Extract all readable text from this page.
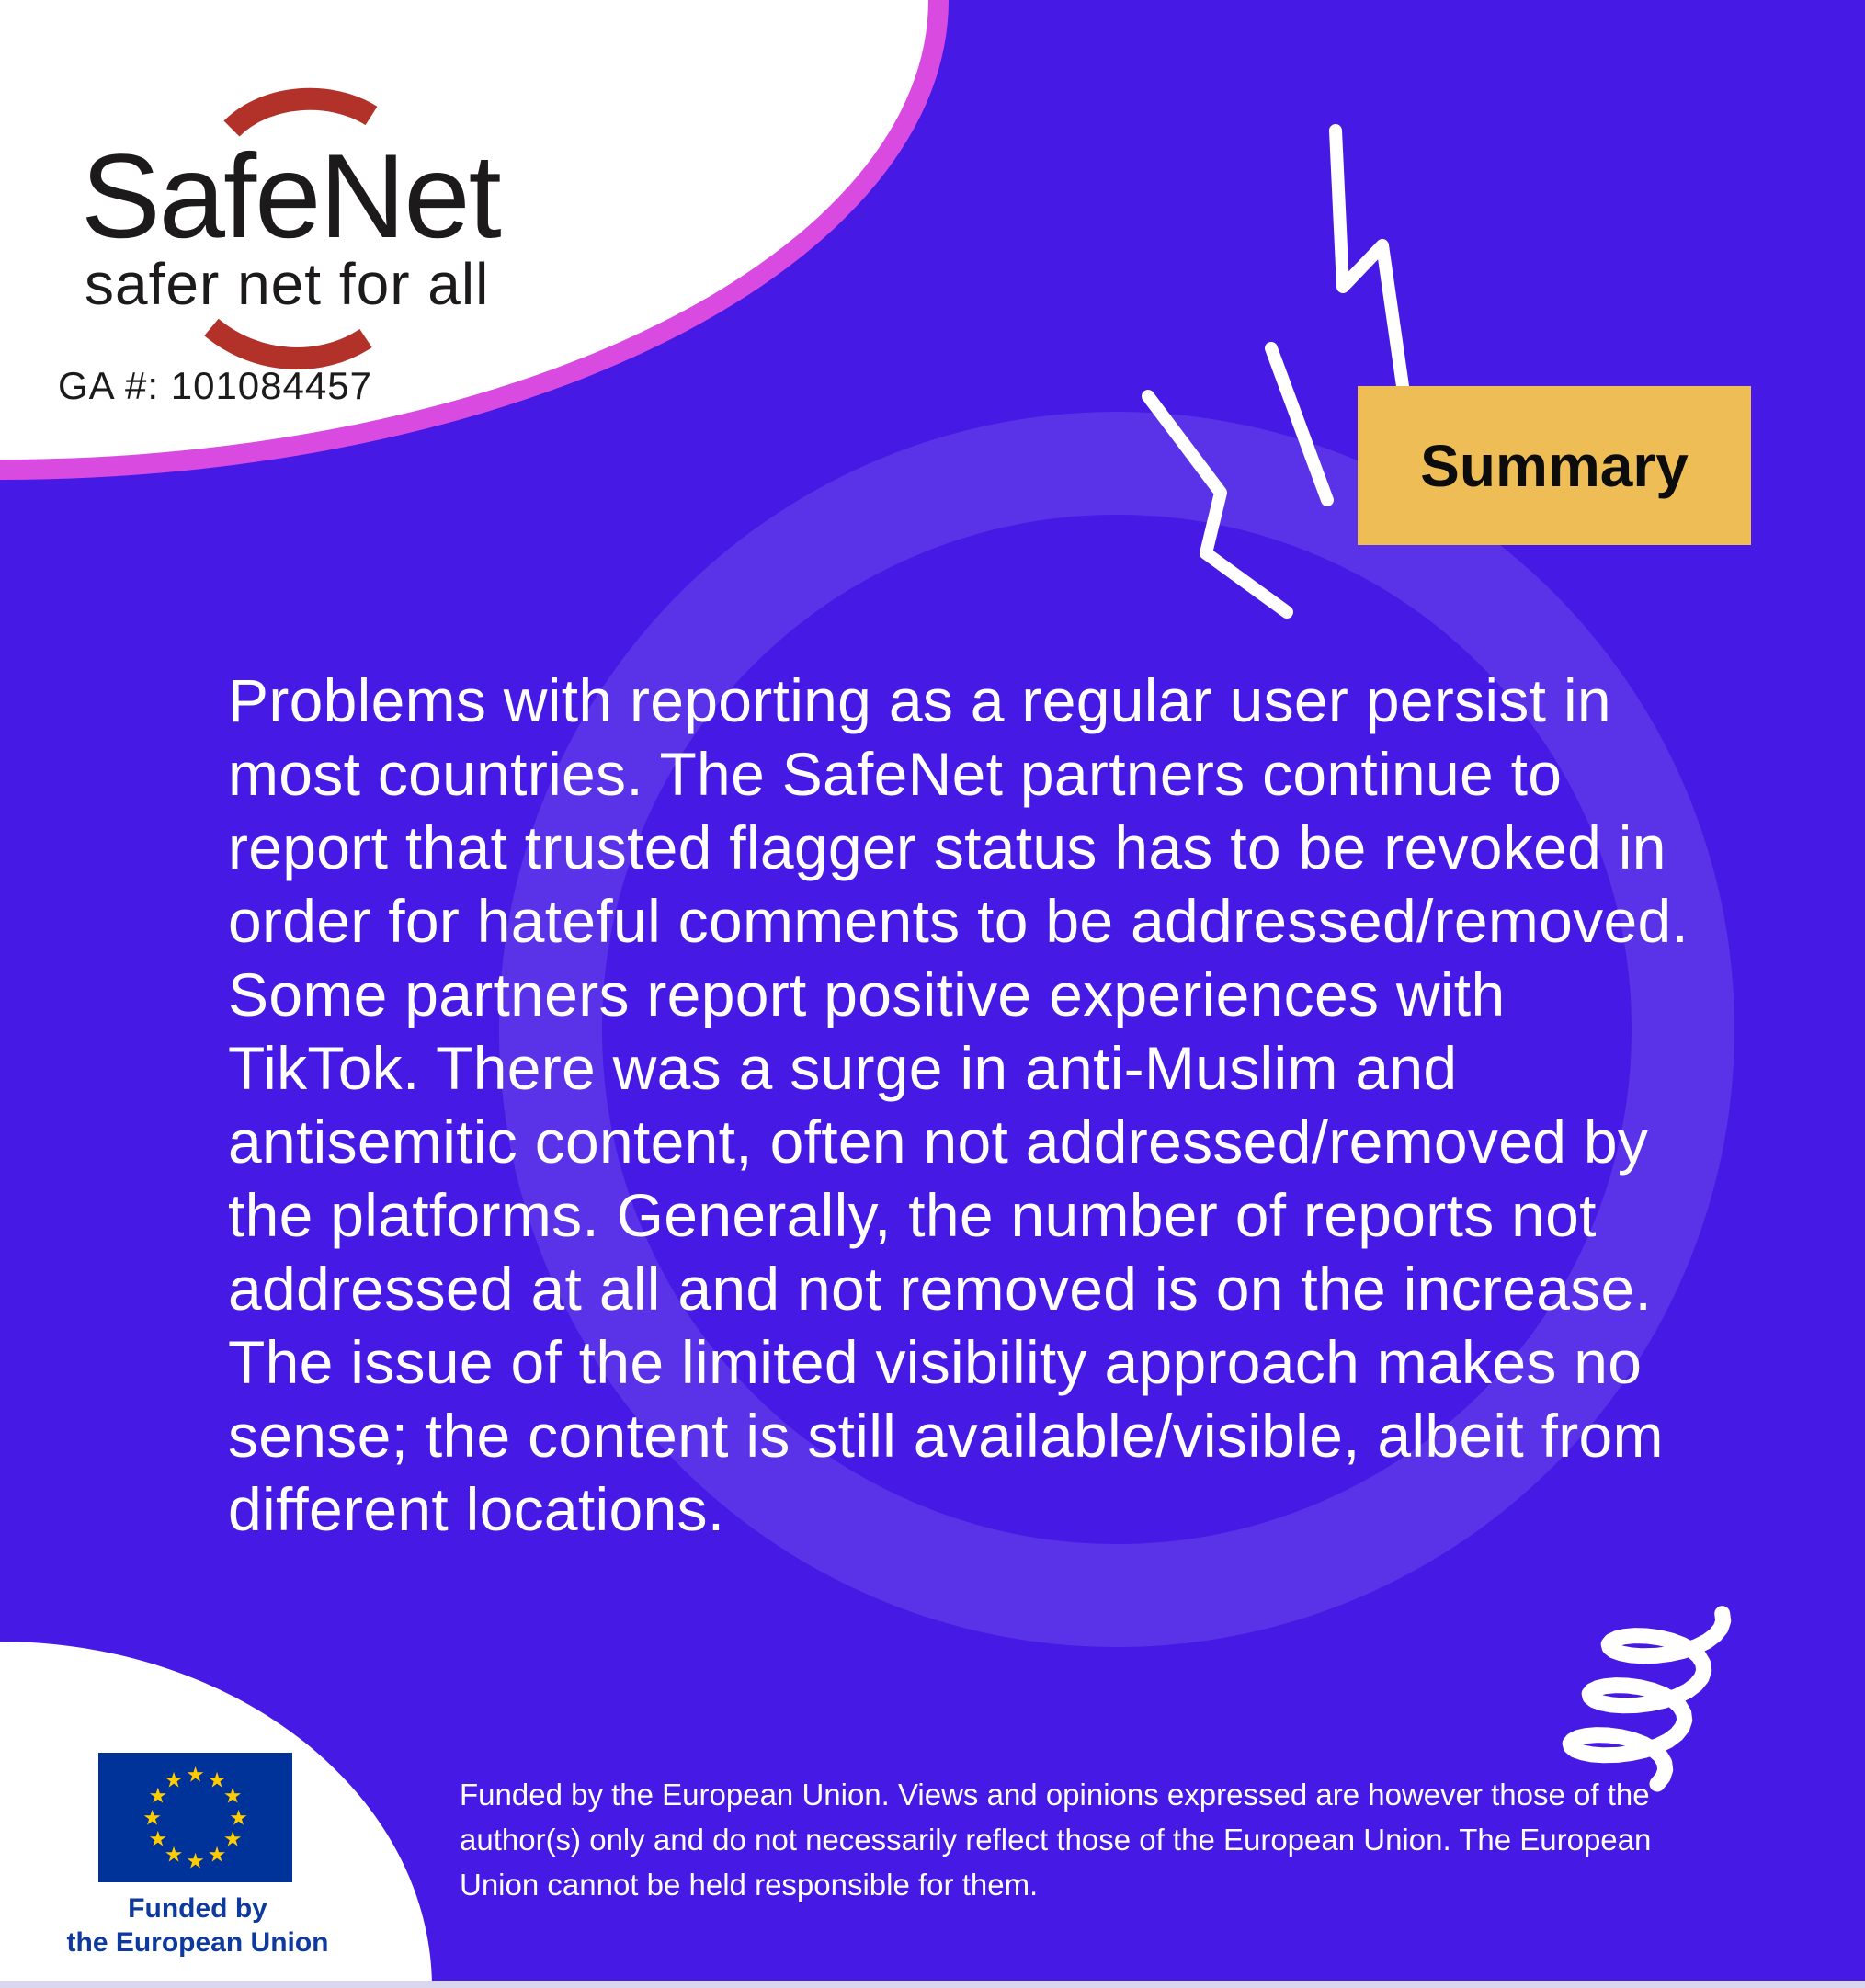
SafeNet
safer net for all
GA #: 101084457
Summary
Problems with reporting as a regular user persist in most countries. The SafeNet partners continue to report that trusted flagger status has to be revoked in order for hateful comments to be addressed/removed. Some partners report positive experiences with TikTok. There was a surge in anti-Muslim and antisemitic content, often not addressed/removed by the platforms. Generally, the number of reports not addressed at all and not removed is on the increase. The issue of the limited visibility approach makes no sense; the content is still available/visible, albeit from different locations.
★ ★
★
★
★
★
★
★
★
★
★
★
Funded by
the European Union
Funded by the European Union. Views and opinions expressed are however those of the author(s) only and do not necessarily reflect those of the European Union. The European Union cannot be held responsible for them.
